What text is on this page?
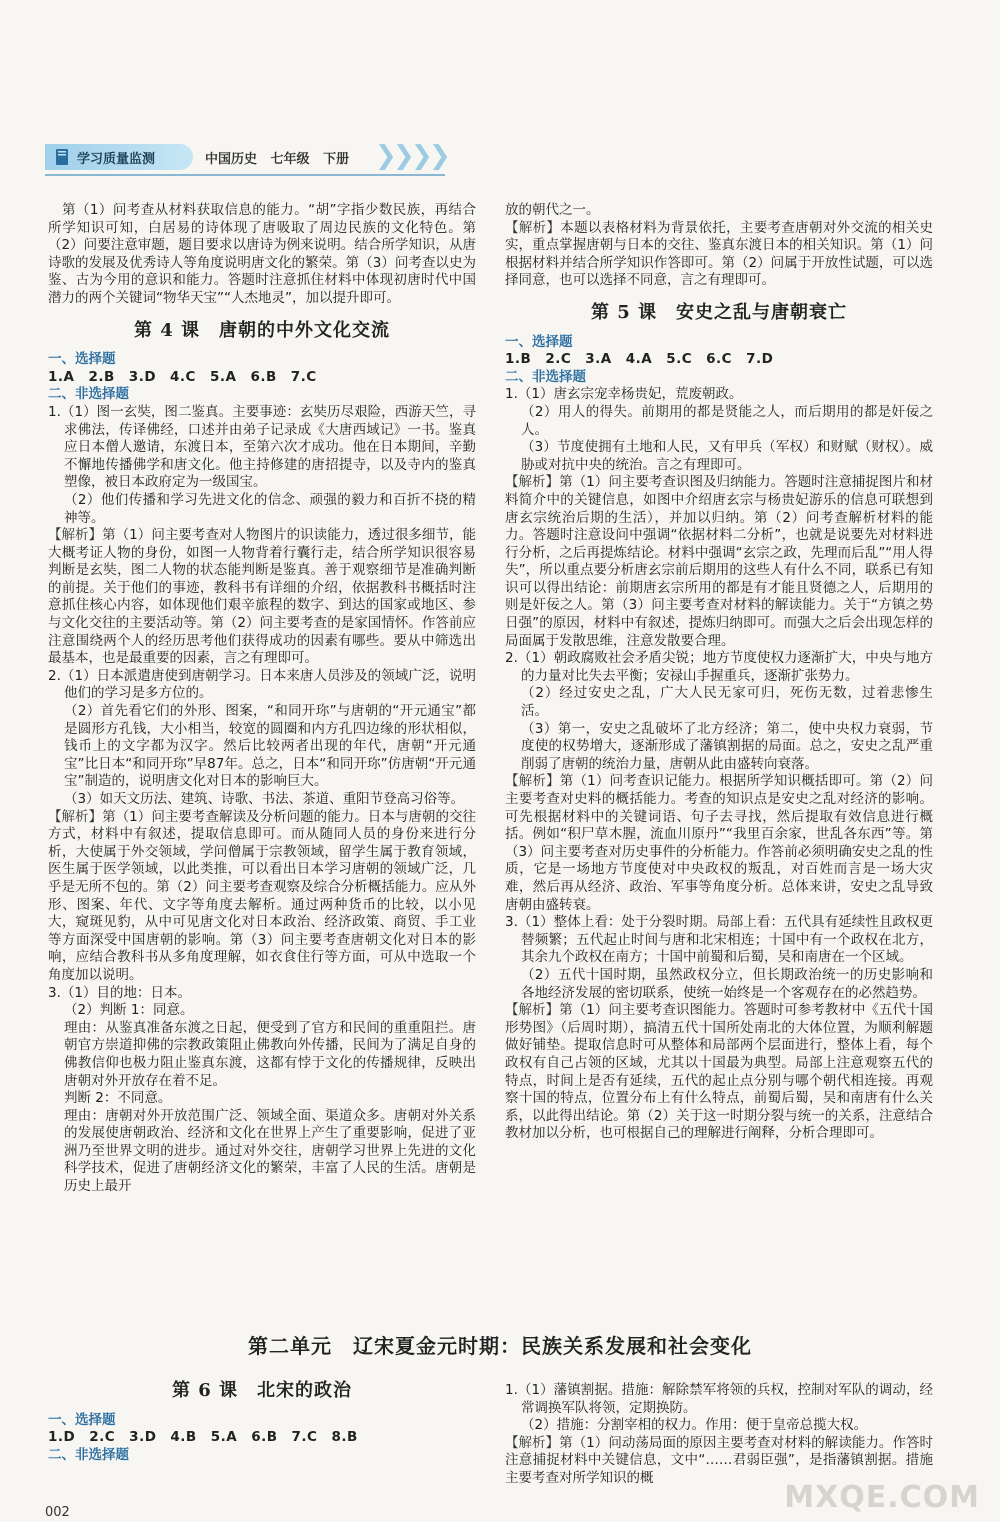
学习质量监测	中国历史 七年级 下册 ❯
❯
❯
❯

第（1）问考查从材料获取信息的能力。“胡”字指少数民族，再结合所学知识可知，白居易的诗体现了唐吸取了周边民族的文化特色。第（2）问要注意审题，题目要求以唐诗为例来说明。结合所学知识，从唐诗歌的发展及优秀诗人等角度说明唐文化的繁荣。第（3）问考查以史为鉴、古为今用的意识和能力。答题时注意抓住材料中体现初唐时代中国潜力的两个关键词“物华天宝”“人杰地灵”，加以提升即可。

第 4 课　唐朝的中外文化交流

一、选择题

1.A 2.B 3.D 4.C 5.A 6.B 7.C

二、非选择题

1.（1）图一玄奘，图二鉴真。主要事迹：玄奘历尽艰险，西游天竺，寻求佛法，传译佛经，口述并由弟子记录成《大唐西域记》一书。鉴真应日本僧人邀请，东渡日本，至第六次才成功。他在日本期间，辛勤不懈地传播佛学和唐文化。他主持修建的唐招提寺，以及寺内的鉴真塑像，被日本政府定为一级国宝。

（2）他们传播和学习先进文化的信念、顽强的毅力和百折不挠的精神等。

【 解析 】 第（1）问主要考查对人物图片的识读能力，透过很多细节，能大概考证人物的身份，如图一人物背着行囊行走，结合所学知识很容易判断是玄奘，图二人物的状态能判断是鉴真。善于观察细节是准确判断的前提。关于他们的事迹，教科书有详细的介绍，依据教科书概括时注意抓住核心内容，如体现他们艰辛旅程的数字、到达的国家或地区、参与文化交往的主要活动等。第（2）问主要考查的是家国情怀。作答前应注意围绕两个人的经历思考他们获得成功的因素有哪些。要从中筛选出最基本，也是最重要的因素，言之有理即可。

2.（1）日本派遣唐使到唐朝学习。日本来唐人员涉及的领域广泛，说明他们的学习是多方位的。

（2）首先看它们的外形、图案，“和同开珎”与唐朝的“开元通宝”都是圆形方孔钱，大小相当，较宽的圆圈和内方孔四边缘的形状相似，钱币上的文字都为汉字。然后比较两者出现的年代，唐朝“开元通宝”比日本“和同开珎”早87年。总之，日本“和同开珎”仿唐朝“开元通宝”制造的，说明唐文化对日本的影响巨大。

（3）如天文历法、建筑、诗歌、书法、茶道、重阳节登高习俗等。

【 解析 】 第（1）问主要考查解读及分析问题的能力。日本与唐朝的交往方式，材料中有叙述，提取信息即可。而从随同人员的身份来进行分析，大使属于外交领域，学问僧属于宗教领域，留学生属于教育领域，医生属于医学领域，以此类推，可以看出日本学习唐朝的领域广泛，几乎是无所不包的。第（2）问主要考查观察及综合分析概括能力。应从外形、图案、年代、文字等角度去解析。通过两种货币的比较，以小见大，窥斑见豹，从中可见唐文化对日本政治、经济政策、商贸、手工业等方面深受中国唐朝的影响。第（3）问主要考查唐朝文化对日本的影响，应结合教科书从多角度理解，如衣食住行等方面，可从中选取一个角度加以说明。

3.（1）目的地：日本。

（2）判断 1：同意。

理由：从鉴真准备东渡之日起，便受到了官方和民间的重重阻拦。唐朝官方崇道抑佛的宗教政策阻止佛教向外传播，民间为了满足自身的佛教信仰也极力阻止鉴真东渡，这都有悖于文化的传播规律，反映出唐朝对外开放存在着不足。

判断 2：不同意。

理由：唐朝对外开放范围广泛、领域全面、渠道众多。唐朝对外关系的发展使唐朝政治、经济和文化在世界上产生了重要影响，促进了亚洲乃至世界文明的进步。通过对外交往，唐朝学习世界上先进的文化科学技术，促进了唐朝经济文化的繁荣，丰富了人民的生活。唐朝是历史上最开

放的朝代之一。

【 解析 】 本题以表格材料为背景依托，主要考查唐朝对外交流的相关史实，重点掌握唐朝与日本的交往、鉴真东渡日本的相关知识。第（1）问根据材料并结合所学知识作答即可。第（2）问属于开放性试题，可以选择同意，也可以选择不同意，言之有理即可。

第 5 课　安史之乱与唐朝衰亡

一、选择题

1.B 2.C 3.A 4.A 5.C 6.C 7.D

二、非选择题

1.（1）唐玄宗宠幸杨贵妃，荒废朝政。

（2）用人的得失。前期用的都是贤能之人，而后期用的都是奸佞之人。

（3）节度使拥有土地和人民，又有甲兵（军权）和财赋（财权）。威胁或对抗中央的统治。言之有理即可。

【 解析 】 第（1）问主要考查识图及归纳能力。答题时注意捕捉图片和材料简介中的关键信息，如图中介绍唐玄宗与杨贵妃游乐的信息可联想到唐玄宗统治后期的生活），并加以归纳。第（2）问考查解析材料的能力。答题时注意设问中强调“依据材料二分析”，也就是说要先对材料进行分析，之后再提炼结论。材料中强调“玄宗之政，先理而后乱”“用人得失”，所以重点要分析唐玄宗前后期用的这些人有什么不同，联系已有知识可以得出结论：前期唐玄宗所用的都是有才能且贤德之人，后期用的则是奸佞之人。第（3）问主要考查对材料的解读能力。关于“方镇之势日强”的原因，材料中有叙述，提炼归纳即可。而强大之后会出现怎样的局面属于发散思维，注意发散要合理。

2.（1）朝政腐败社会矛盾尖锐；地方节度使权力逐渐扩大，中央与地方的力量对比失去平衡；安禄山手握重兵，逐渐扩张势力。

（2）经过安史之乱，广大人民无家可归，死伤无数，过着悲惨生活。

（3）第一，安史之乱破坏了北方经济；第二，使中央权力衰弱，节度使的权势增大，逐渐形成了藩镇割据的局面。总之，安史之乱严重削弱了唐朝的统治力量，唐朝从此由盛转向衰落。

【 解析 】 第（1）问考查识记能力。根据所学知识概括即可。第（2）问主要考查对史料的概括能力。考查的知识点是安史之乱对经济的影响。可先根据材料中的关键词语、句子去寻找，然后提取有效信息进行概括。例如“积尸草木腥，流血川原丹”“我里百余家，世乱各东西”等。第（3）问主要考查对历史事件的分析能力。作答前必须明确安史之乱的性质，它是一场地方节度使对中央政权的叛乱，对百姓而言是一场大灾难，然后再从经济、政治、军事等角度分析。总体来讲，安史之乱导致唐朝由盛转衰。

3.（1）整体上看：处于分裂时期。局部上看：五代具有延续性且政权更替频繁；五代起止时间与唐和北宋相连；十国中有一个政权在北方，其余九个政权在南方；十国中前蜀和后蜀，吴和南唐在一个区域。

（2）五代十国时期，虽然政权分立，但长期政治统一的历史影响和各地经济发展的密切联系，使统一始终是一个客观存在的必然趋势。

【 解析 】 第（1）问主要考查识图能力。答题时可参考教材中《五代十国形势图》（后周时期），搞清五代十国所处南北的大体位置，为顺利解题做好铺垫。提取信息时可从整体和局部两个层面进行，整体上看，每个政权有自己占领的区域，尤其以十国最为典型。局部上注意观察五代的特点，时间上是否有延续，五代的起止点分别与哪个朝代相连接。再观察十国的特点，位置分布上有什么特点，前蜀后蜀，吴和南唐有什么关系，以此得出结论。第（2）关于这一时期分裂与统一的关系，注意结合教材加以分析，也可根据自己的理解进行阐释，分析合理即可。

第二单元　辽宋夏金元时期：民族关系发展和社会变化
第 6 课　北宋的政治

一、选择题

1.D 2.C 3.D 4.B 5.A 6.B 7.C 8.B

二、非选择题

1.（1）藩镇割据。措施：解除禁军将领的兵权，控制对军队的调动，经常调换军队将领，定期换防。

（2）措施：分割宰相的权力。作用：便于皇帝总揽大权。

【 解析 】 第（1）问动荡局面的原因主要考查对材料的解读能力。作答时注意捕捉材料中关键信息，文中“……君弱臣强”，是指藩镇割据。措施主要考查对所学知识的概

002	MXQE.COM
